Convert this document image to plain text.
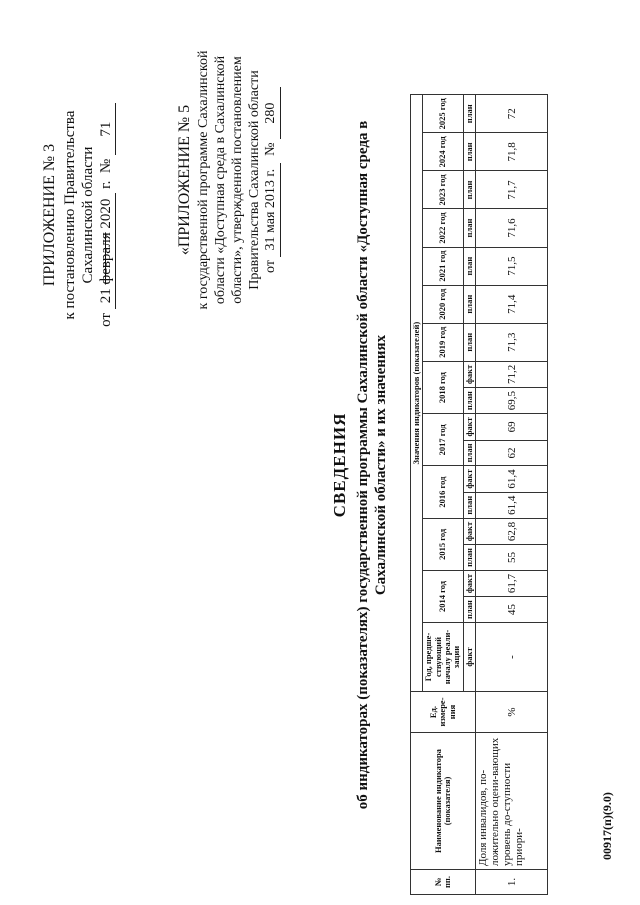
ПРИЛОЖЕНИЕ № 3 к постановлению Правительства Сахалинской области
от 21 февраля 2020 г.  № 71	«ПРИЛОЖЕНИЕ № 5 к государственной программе Сахалинской области «Доступная среда в Сахалинской области», утвержденной постановлением Правительства Сахалинской области от 31 мая 2013 г.  № 280
СВЕДЕНИЯ об индикаторах (показателях) государственной программы Сахалинской области «Доступная среда в Сахалинской области» и их значениях
№ пп.	Наименование индикатора (показателя)	Ед. измере-ния	Значения индикаторов (показателей)																	
			Год, предше-ствующий началу реали-зации	2014 год		2015 год		2016 год		2017 год		2018 год		2019 год	2020 год	2021 год	2022 год	2023 год	2024 год	2025 год
			факт	план	факт	план	факт	план	факт	план	факт	план	факт	план	план	план	план	план	план	план
1.	Доля инвалидов, по-ложительно оцени-вающих уровень до-ступности приори-	%	-	45	61,7	55	62,8	61,4	61,4	62	69	69,5	71,2	71,3	71,4	71,5	71,6	71,7	71,8	72
00917(п)(9.0)
